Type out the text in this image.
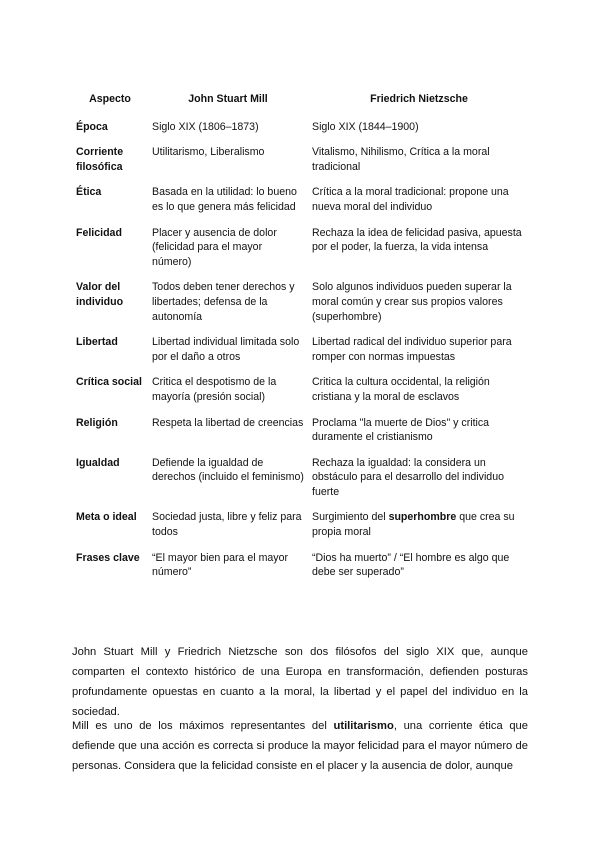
Aspecto	John Stuart Mill	Friedrich Nietzsche
Época	Siglo XIX (1806–1873)	Siglo XIX (1844–1900)
Corriente filosófica	Utilitarismo, Liberalismo	Vitalismo, Nihilismo, Crítica a la moral tradicional
Ética	Basada en la utilidad: lo bueno es lo que genera más felicidad	Crítica a la moral tradicional: propone una nueva moral del individuo
Felicidad	Placer y ausencia de dolor (felicidad para el mayor número)	Rechaza la idea de felicidad pasiva, apuesta por el poder, la fuerza, la vida intensa
Valor del individuo	Todos deben tener derechos y libertades; defensa de la autonomía	Solo algunos individuos pueden superar la moral común y crear sus propios valores (superhombre)
Libertad	Libertad individual limitada solo por el daño a otros	Libertad radical del individuo superior para romper con normas impuestas
Crítica social	Critica el despotismo de la mayoría (presión social)	Critica la cultura occidental, la religión cristiana y la moral de esclavos
Religión	Respeta la libertad de creencias	Proclama "la muerte de Dios" y critica duramente el cristianismo
Igualdad	Defiende la igualdad de derechos (incluido el feminismo)	Rechaza la igualdad: la considera un obstáculo para el desarrollo del individuo fuerte
Meta o ideal	Sociedad justa, libre y feliz para todos	Surgimiento del superhombre que crea su propia moral
Frases clave	“El mayor bien para el mayor número”	“Dios ha muerto” / “El hombre es algo que debe ser superado”

John Stuart Mill y Friedrich Nietzsche son dos filósofos del siglo XIX que, aunque comparten el contexto histórico de una Europa en transformación, defienden posturas profundamente opuestas en cuanto a la moral, la libertad y el papel del individuo en la sociedad.

Mill es uno de los máximos representantes del utilitarismo, una corriente ética que defiende que una acción es correcta si produce la mayor felicidad para el mayor número de personas. Considera que la felicidad consiste en el placer y la ausencia de dolor, aunque
